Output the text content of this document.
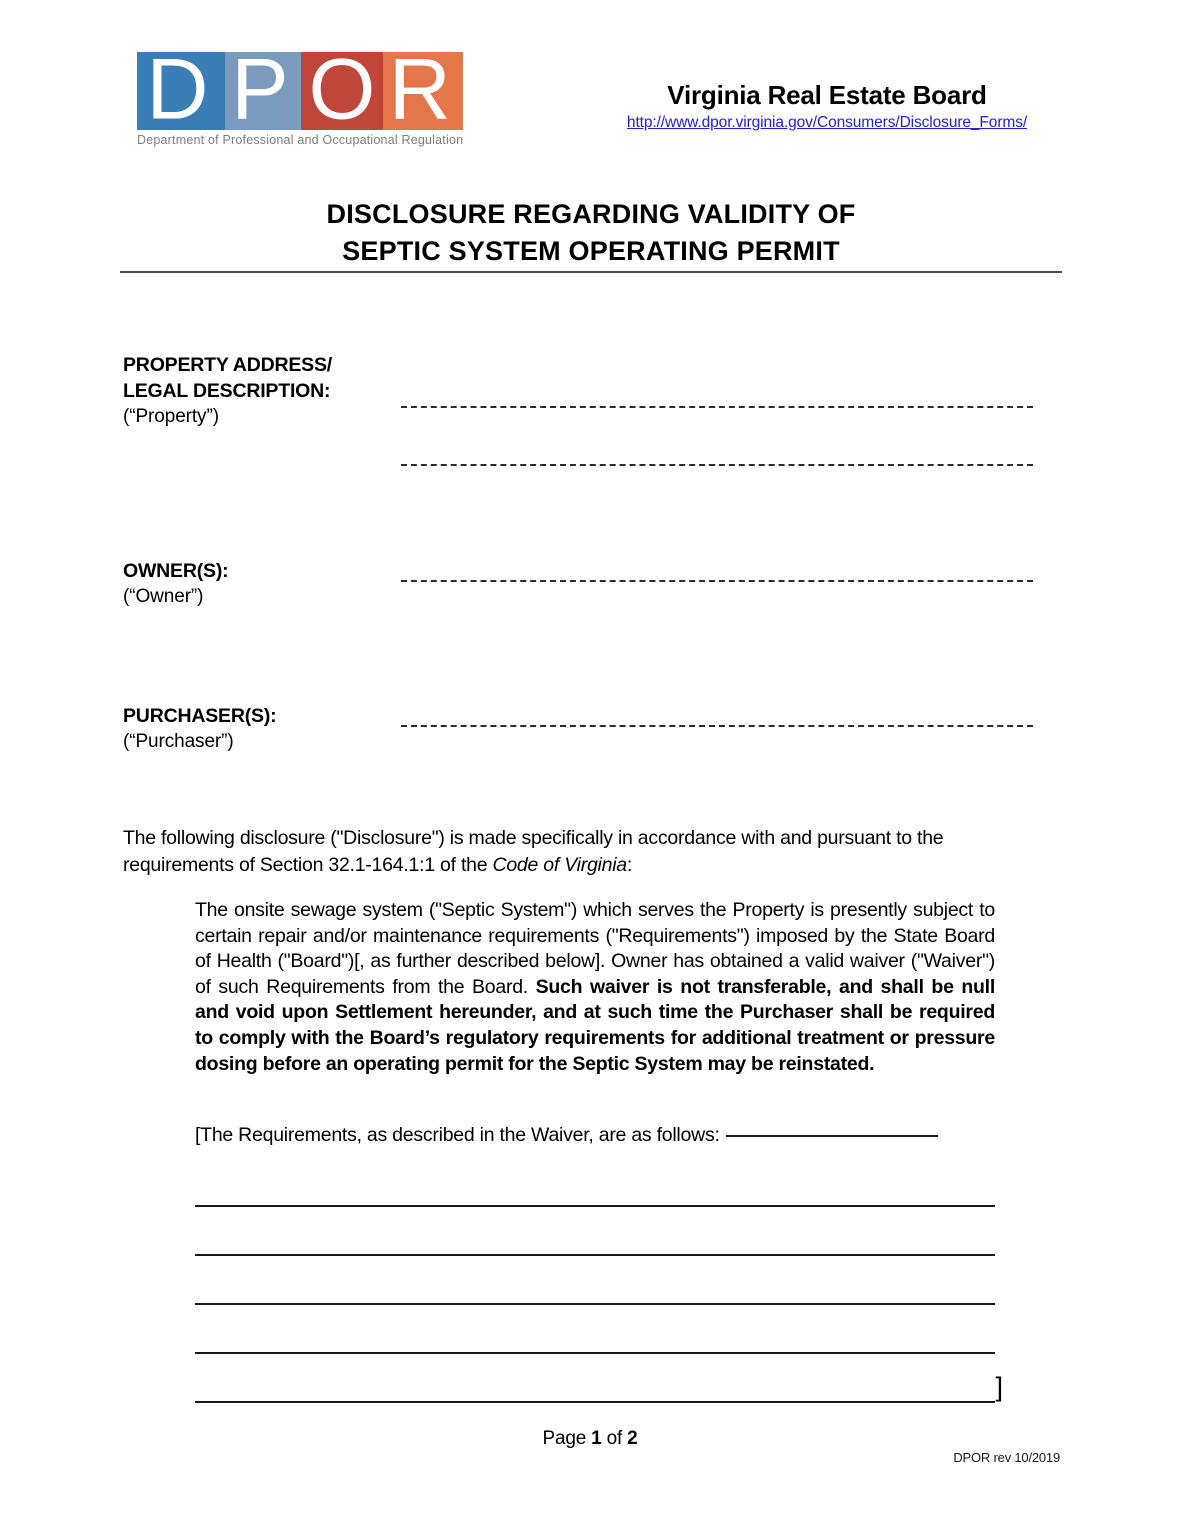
D P O R
Department of Professional and Occupational Regulation
Virginia Real Estate Board
http://www.dpor.virginia.gov/Consumers/Disclosure_Forms/
DISCLOSURE REGARDING VALIDITY OF
SEPTIC SYSTEM OPERATING PERMIT
PROPERTY ADDRESS/
LEGAL DESCRIPTION:
(“Property”)
OWNER(S):
(“Owner”)
PURCHASER(S):
(“Purchaser”)
The following disclosure ("Disclosure") is made specifically in accordance with and pursuant to the requirements of Section 32.1-164.1:1 of the Code of Virginia:
The onsite sewage system ("Septic System") which serves the Property is presently subject to certain repair and/or maintenance requirements ("Requirements") imposed by the State Board of Health ("Board")[, as further described below]. Owner has obtained a valid waiver ("Waiver") of such Requirements from the Board. Such waiver is not transferable, and shall be null and void upon Settlement hereunder, and at such time the Purchaser shall be required to comply with the Board’s regulatory requirements for additional treatment or pressure dosing before an operating permit for the Septic System may be reinstated.
[The Requirements, as described in the Waiver, are as follows:
]
Page 1 of 2
DPOR rev 10/2019
